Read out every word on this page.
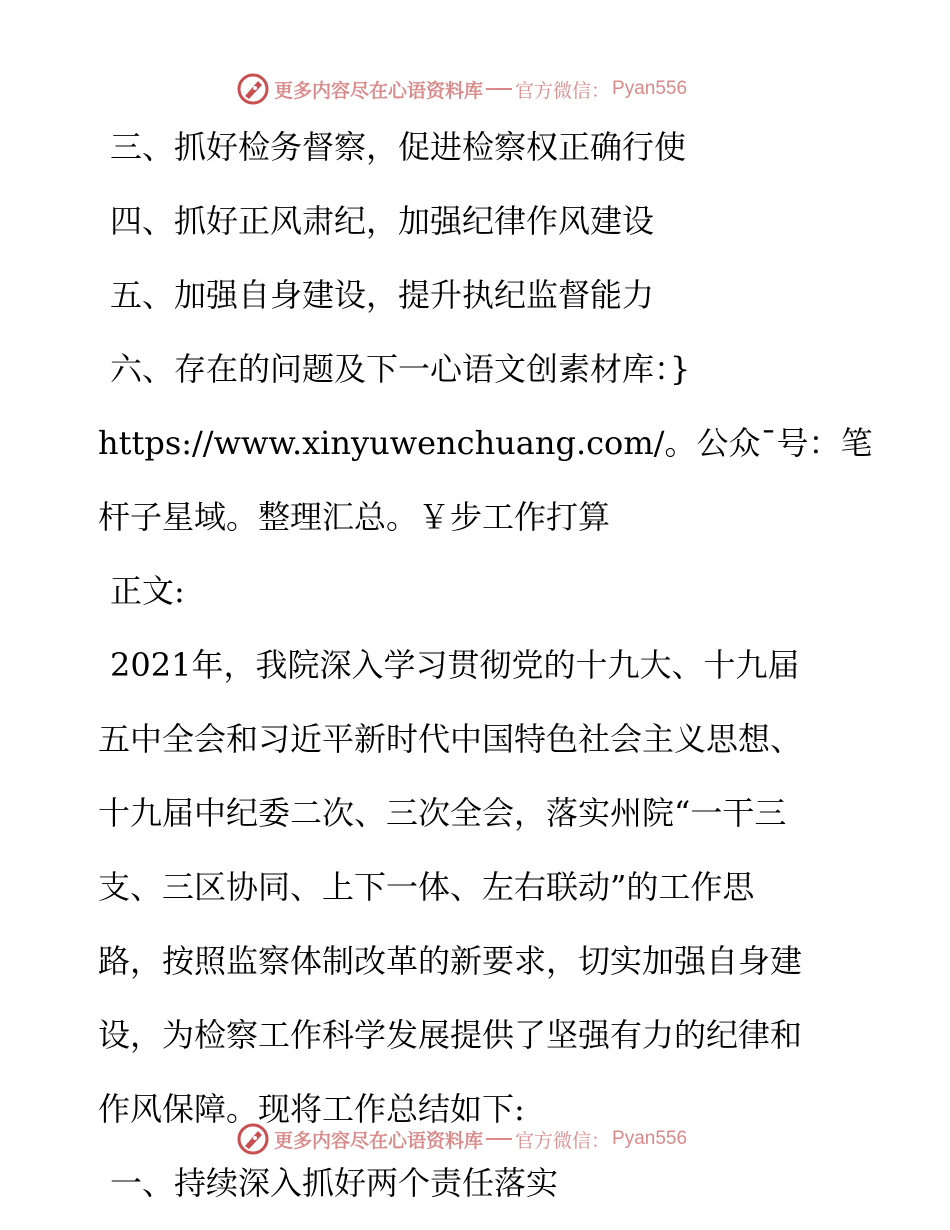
更多内容尽在心语资料库 官方微信： Pyan556

三、抓好检务督察，促进检察权正确行使

四、抓好正风肃纪，加强纪律作风建设

五、加强自身建设，提升执纪监督能力

六、存在的问题及下一心语文创素材库：}
https://www.xinyuwenchuang.com/。公众¯号：笔
杆子星域。整理汇总。￥步工作打算

正文:

2021年，我院深入学习贯彻党的十九大、十九届
五中全会和习近平新时代中国特色社会主义思想、
十九届中纪委二次、三次全会，落实州院“一干三
支、三区协同、上下一体、左右联动”的工作思
路，按照监察体制改革的新要求，切实加强自身建
设，为检察工作科学发展提供了坚强有力的纪律和
作风保障。现将工作总结如下:

一、持续深入抓好两个责任落实

更多内容尽在心语资料库 官方微信： Pyan556
